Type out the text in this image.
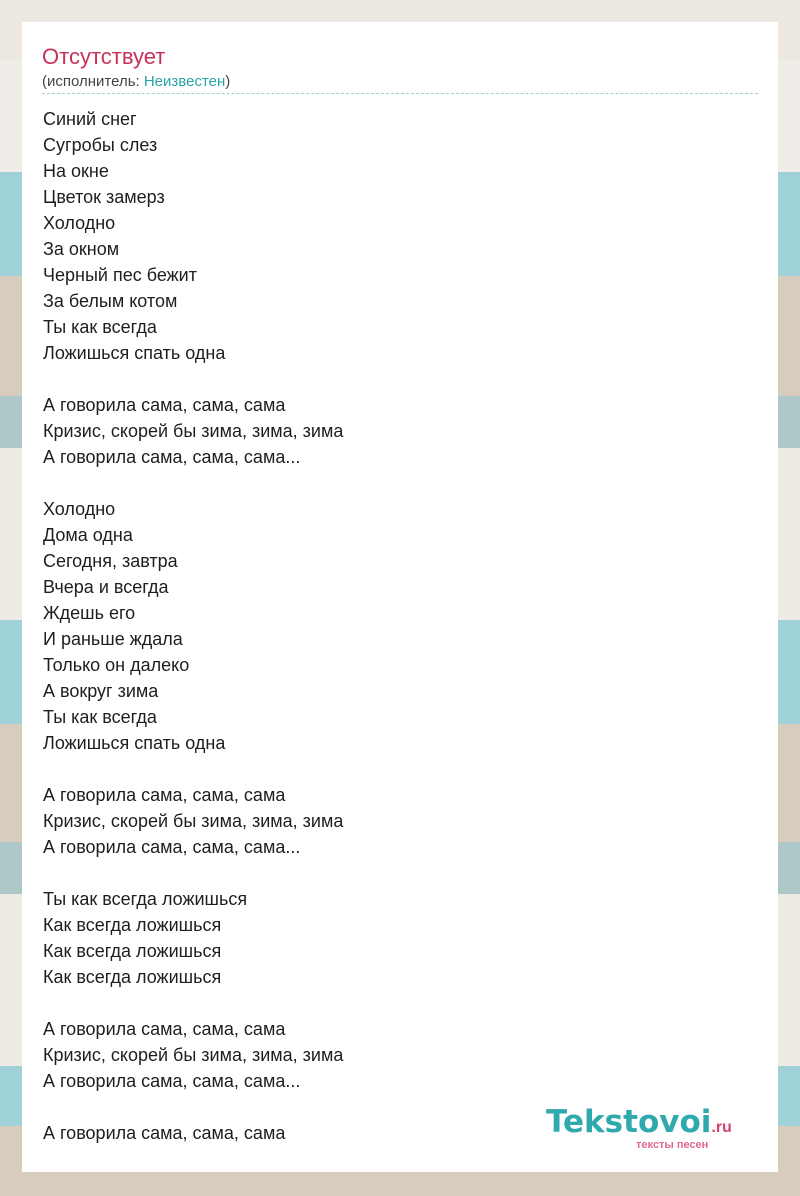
Отсутствует
(исполнитель: Неизвестен)
Синий снег
Сугробы слез
На окне
Цветок замерз
Холодно
За окном
Черный пес бежит
За белым котом
Ты как всегда
Ложишься спать одна
А говорила сама, сама, сама
Кризис, скорей бы зима, зима, зима
А говорила сама, сама, сама...
Холодно
Дома одна
Сегодня, завтра
Вчера и всегда
Ждешь его
И раньше ждала
Только он далеко
А вокруг зима
Ты как всегда
Ложишься спать одна
А говорила сама, сама, сама
Кризис, скорей бы зима, зима, зима
А говорила сама, сама, сама...
Ты как всегда ложишься
Как всегда ложишься
Как всегда ложишься
Как всегда ложишься
А говорила сама, сама, сама
Кризис, скорей бы зима, зима, зима
А говорила сама, сама, сама...
А говорила сама, сама, сама	Tekstovoi.ru
тексты песен
